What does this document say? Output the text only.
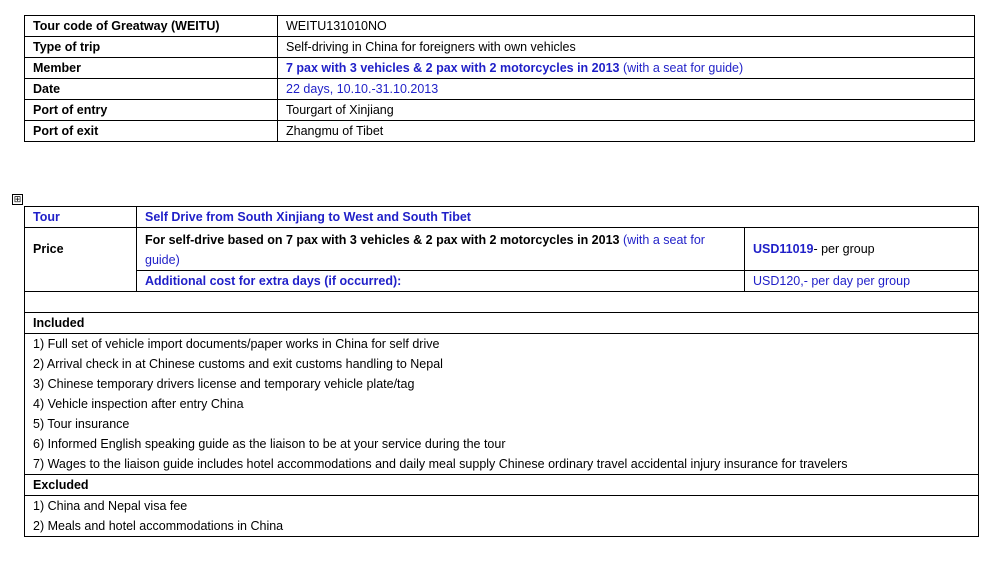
Tour code of Greatway (WEITU)	WEITU131010NO
Type of trip	Self-driving in China for foreigners with own vehicles
Member	7 pax with 3 vehicles & 2 pax with 2 motorcycles in 2013 (with a seat for guide)
Date	22 days, 10.10.-31.10.2013
Port of entry	Tourgart of Xinjiang
Port of exit	Zhangmu of Tibet
⊞
Tour	Self Drive from South Xinjiang to West and South Tibet	
Price	For self-drive based on 7 pax with 3 vehicles & 2 pax with 2 motorcycles in 2013 (with a seat for guide)	USD11019- per group
	Additional cost for extra days (if occurred):	USD120,- per day per group

Included		
1) Full set of vehicle import documents/paper works in China for self drive		
2) Arrival check in at Chinese customs and exit customs handling to Nepal		
3) Chinese temporary drivers license and temporary vehicle plate/tag		
4) Vehicle inspection after entry China		
5) Tour insurance		
6) Informed English speaking guide as the liaison to be at your service during the tour		
7) Wages to the liaison guide includes hotel accommodations and daily meal supply Chinese ordinary travel accidental injury insurance for travelers		
Excluded		
1) China and Nepal visa fee		
2) Meals and hotel accommodations in China		
